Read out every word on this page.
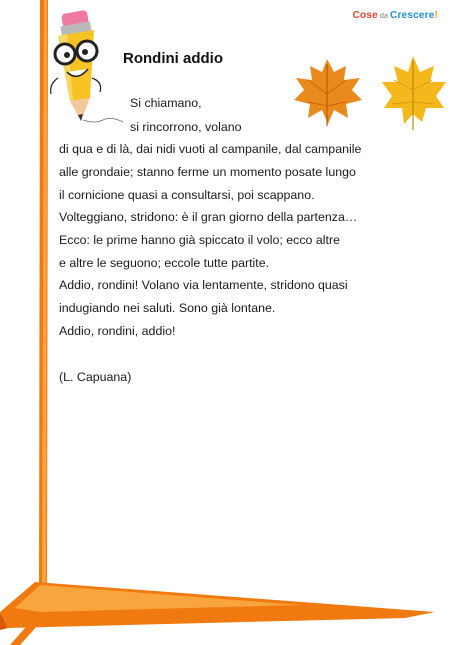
Cose da Crescere!
Rondini addio
Si chiamano,
si rincorrono, volano
di qua e di là, dai nidi vuoti al campanile, dal campanile
alle grondaie; stanno ferme un momento posate lungo
il cornicione quasi a consultarsi, poi scappano.
Volteggiano, stridono: è il gran giorno della partenza…
Ecco: le prime hanno già spiccato il volo; ecco altre
e altre le seguono; eccole tutte partite.
Addio, rondini! Volano via lentamente, stridono quasi
indugiando nei saluti. Sono già lontane.
Addio, rondini, addio!
(L. Capuana)
